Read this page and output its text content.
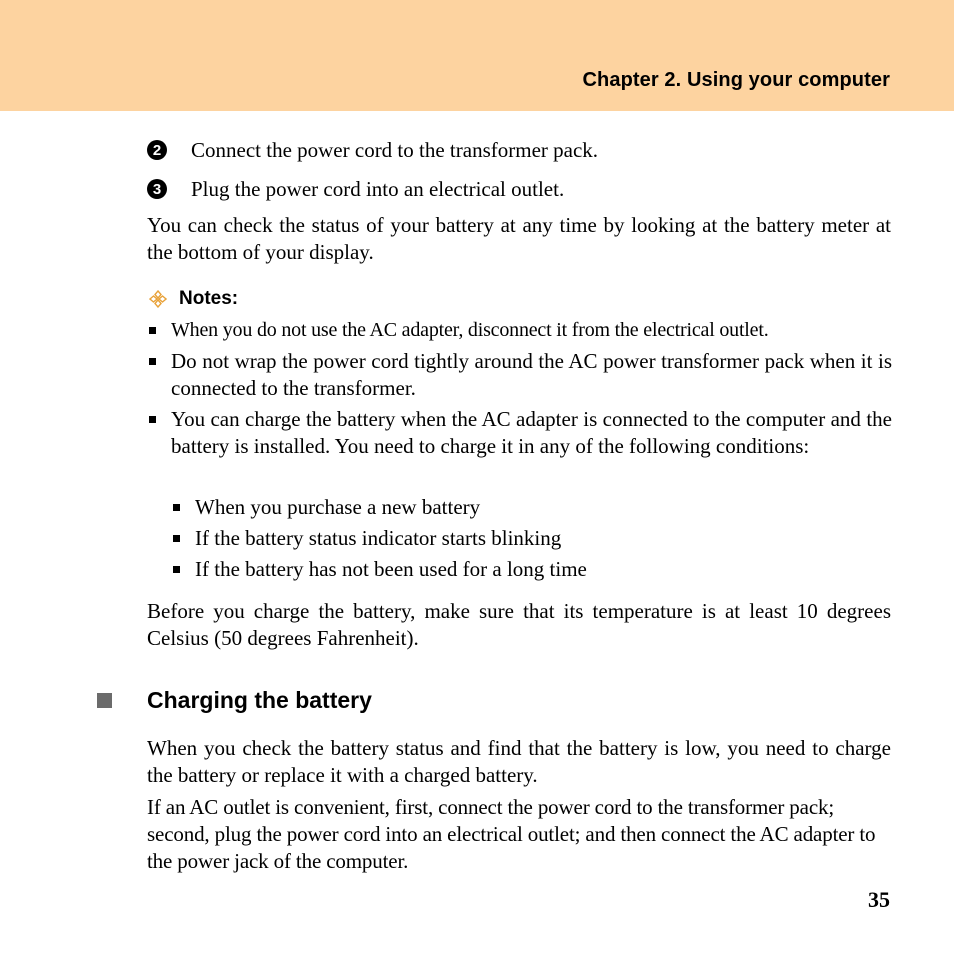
Chapter 2. Using your computer
2 Connect the power cord to the transformer pack.
3 Plug the power cord into an electrical outlet.
You can check the status of your battery at any time by looking at the battery meter at the bottom of your display.
Notes:
When you do not use the AC adapter, disconnect it from the electrical outlet.
Do not wrap the power cord tightly around the AC power transformer pack when it is connected to the transformer.
You can charge the battery when the AC adapter is connected to the computer and the battery is installed. You need to charge it in any of the following conditions:
When you purchase a new battery
If the battery status indicator starts blinking
If the battery has not been used for a long time
Before you charge the battery, make sure that its temperature is at least 10 degrees Celsius (50 degrees Fahrenheit).
Charging the battery
When you check the battery status and find that the battery is low, you need to charge the battery or replace it with a charged battery.
If an AC outlet is convenient, first, connect the power cord to the transformer pack; second, plug the power cord into an electrical outlet; and then connect the AC adapter to the power jack of the computer.
35
